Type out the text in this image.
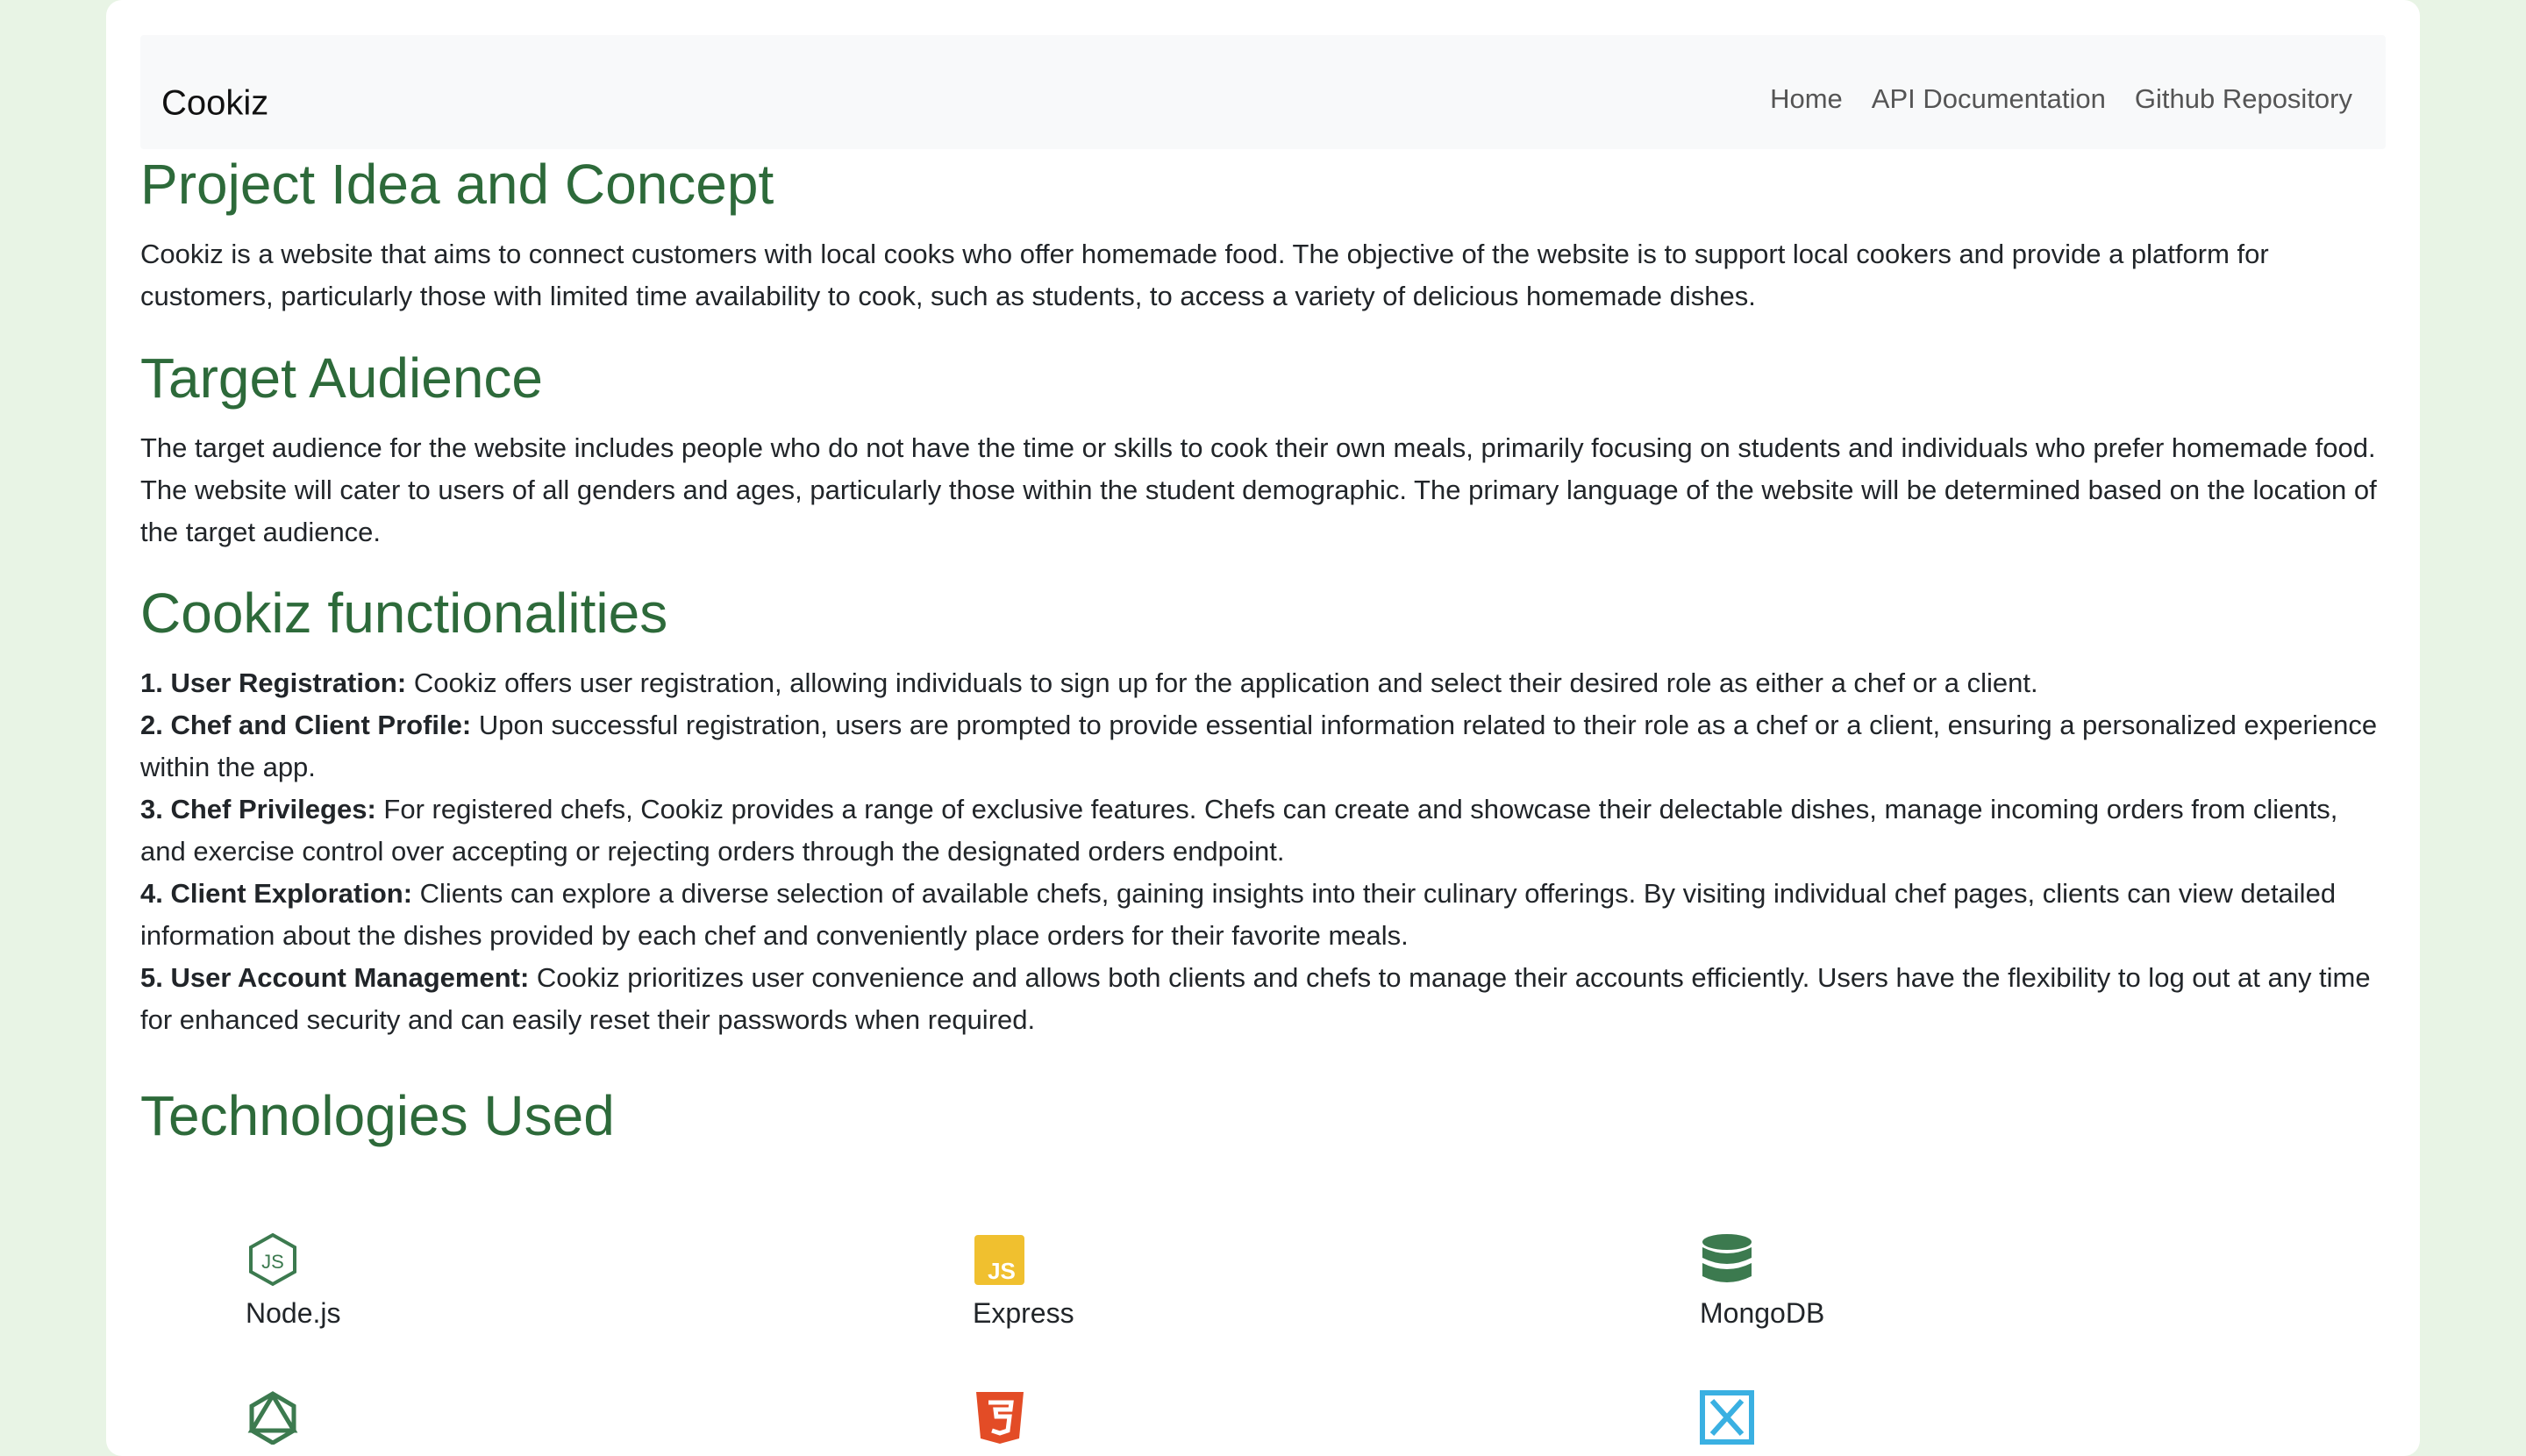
Cookiz	Home API Documentation Github Repository
Project Idea and Concept

Cookiz is a website that aims to connect customers with local cooks who offer homemade food. The objective of the website is to support local cookers and provide a platform for customers, particularly those with limited time availability to cook, such as students, to access a variety of delicious homemade dishes.

Target Audience

The target audience for the website includes people who do not have the time or skills to cook their own meals, primarily focusing on students and individuals who prefer homemade food. The website will cater to users of all genders and ages, particularly those within the student demographic. The primary language of the website will be determined based on the location of the target audience.

Cookiz functionalities
1. User Registration: Cookiz offers user registration, allowing individuals to sign up for the application and select their desired role as either a chef or a client.
2. Chef and Client Profile: Upon successful registration, users are prompted to provide essential information related to their role as a chef or a client, ensuring a personalized experience within the app.
3. Chef Privileges: For registered chefs, Cookiz provides a range of exclusive features. Chefs can create and showcase their delectable dishes, manage incoming orders from clients, and exercise control over accepting or rejecting orders through the designated orders endpoint.
4. Client Exploration: Clients can explore a diverse selection of available chefs, gaining insights into their culinary offerings. By visiting individual chef pages, clients can view detailed information about the dishes provided by each chef and conveniently place orders for their favorite meals.
5. User Account Management: Cookiz prioritizes user convenience and allows both clients and chefs to manage their accounts efficiently. Users have the flexibility to log out at any time for enhanced security and can easily reset their passwords when required.
Technologies Used
JS
Node.js
JS
Express	MongoDB
